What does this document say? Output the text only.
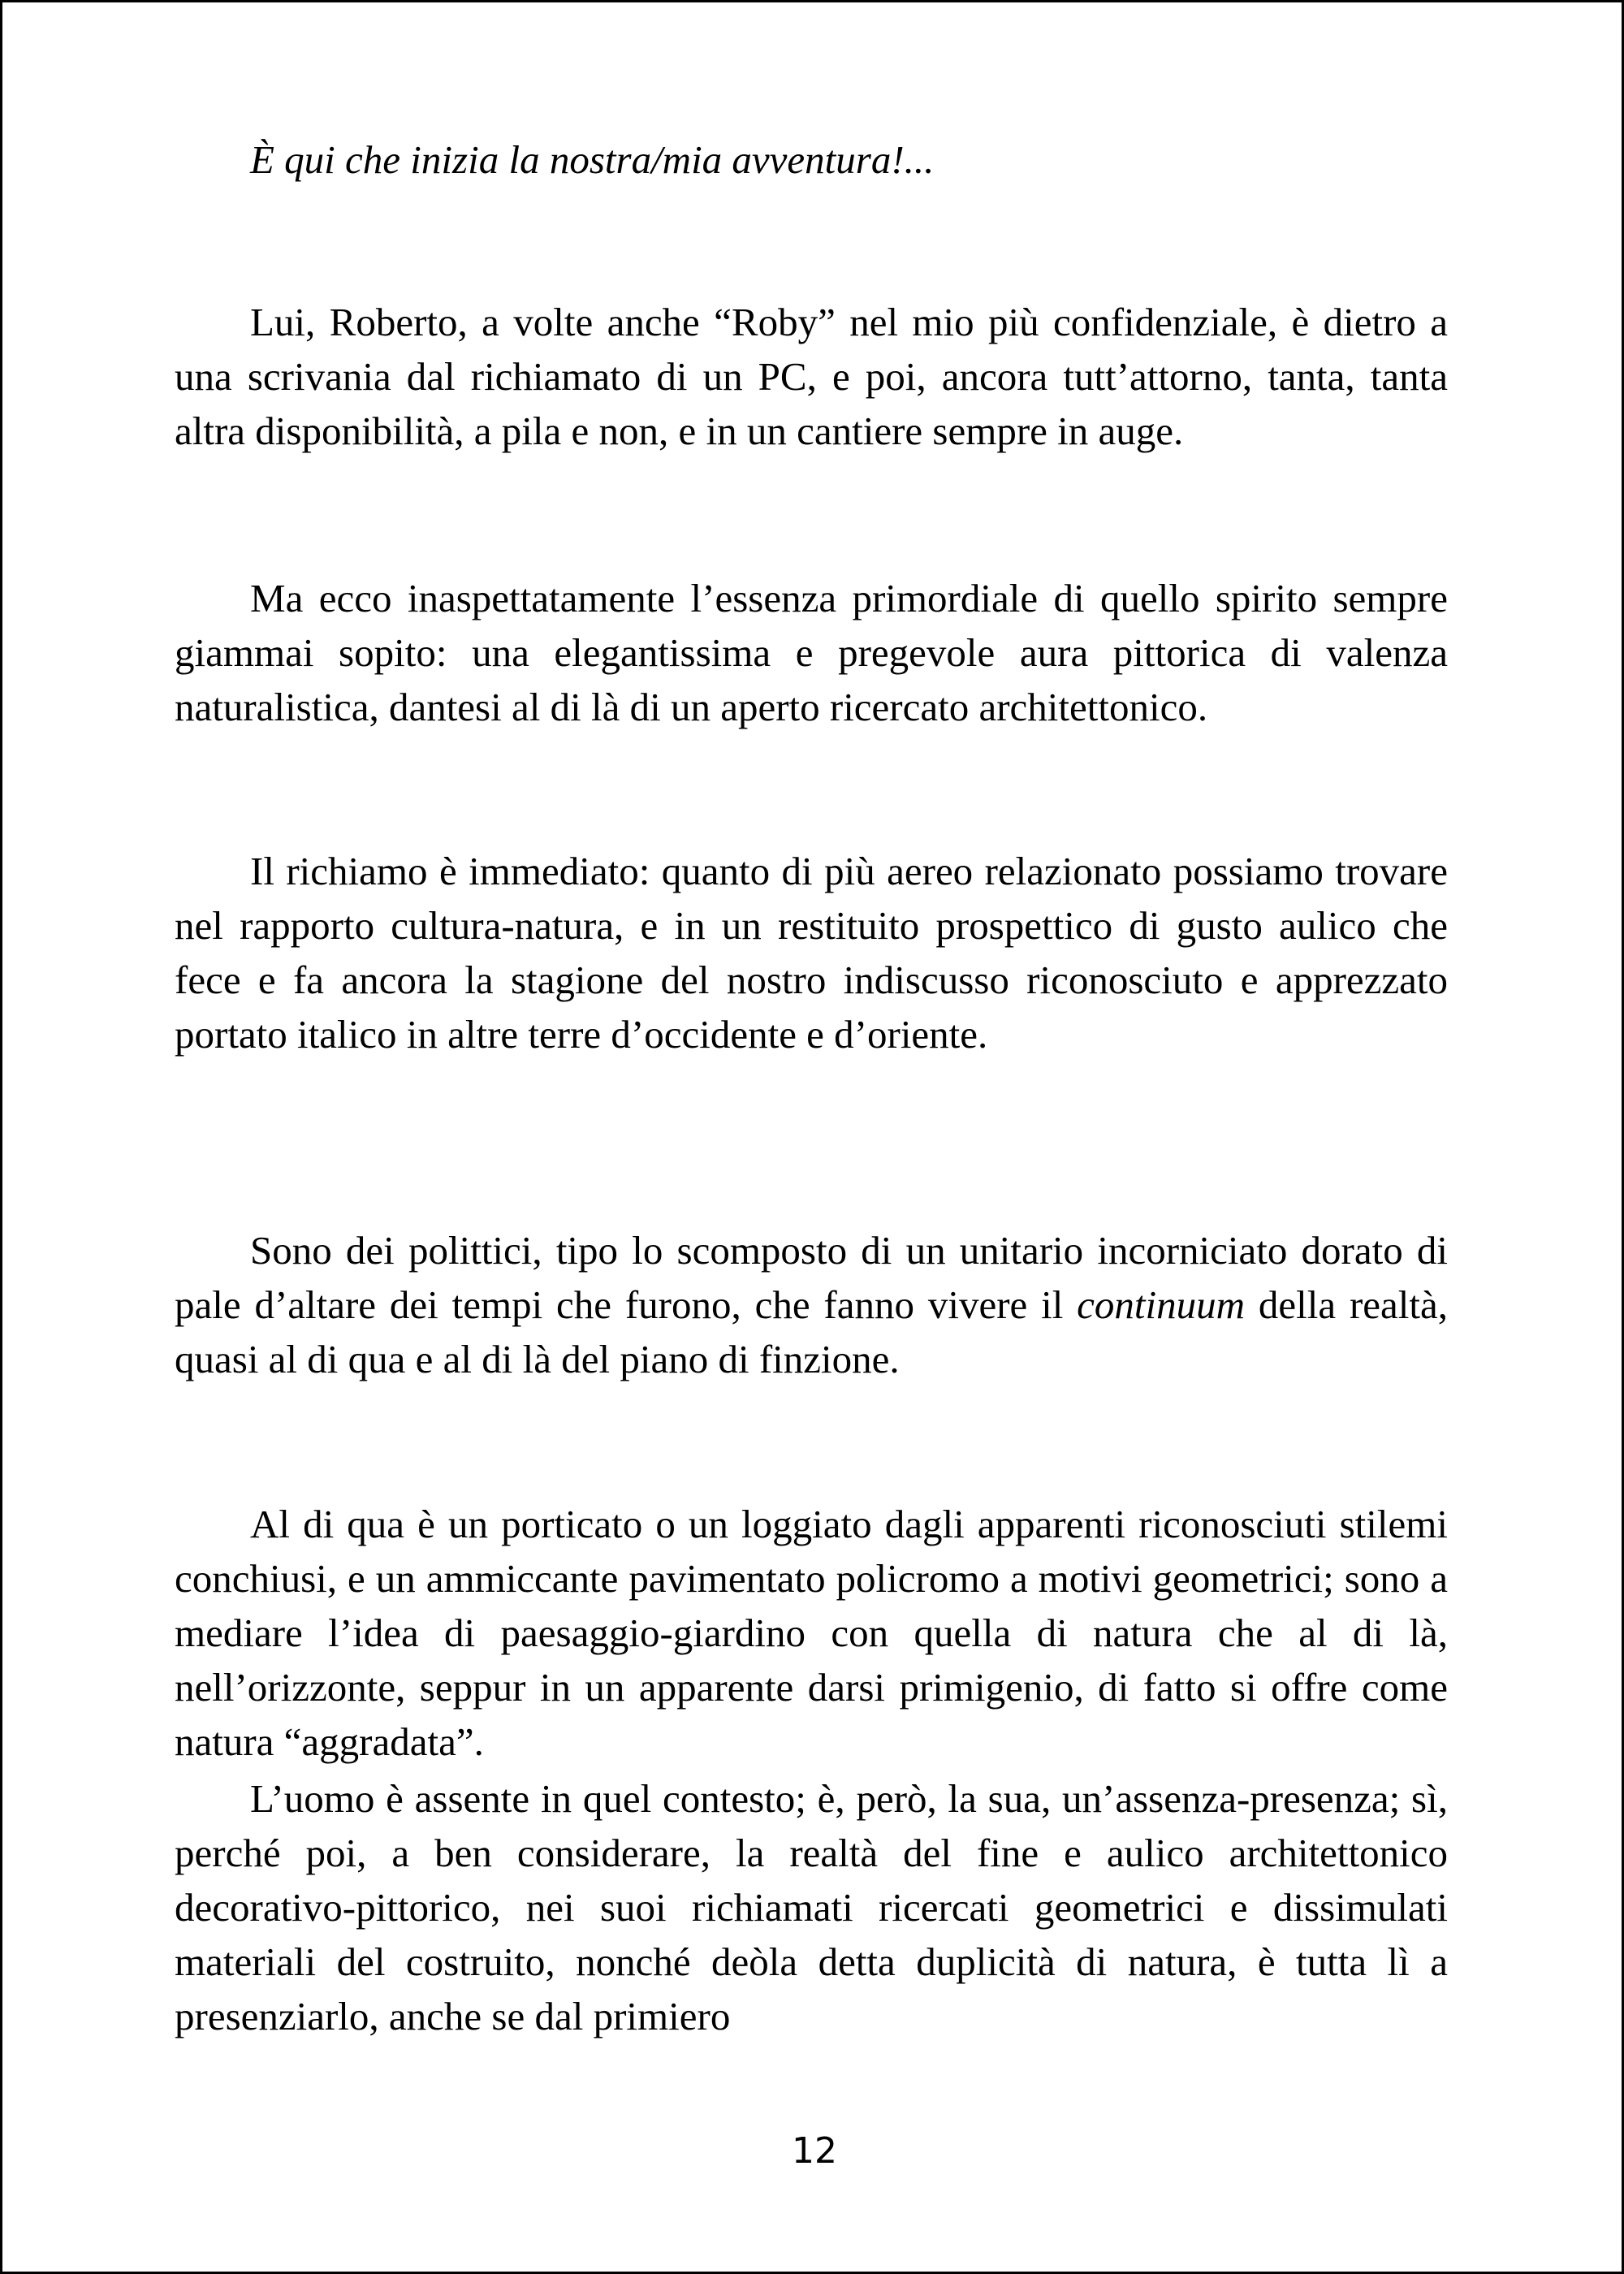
È qui che inizia la nostra/mia avventura!...

Lui, Roberto, a volte anche “Roby” nel mio più confidenziale, è dietro a una scrivania dal richiamato di un PC, e poi, ancora tutt’attorno, tanta, tanta altra disponibilità, a pila e non, e in un cantiere sempre in auge.

Ma ecco inaspettatamente l’essenza primordiale di quello spirito sempre giammai sopito: una elegantissima e pregevole aura pittorica di valenza naturalistica, dantesi al di là di un aperto ricercato architettonico.

Il richiamo è immediato: quanto di più aereo relazionato possiamo trovare nel rapporto cultura-natura, e in un restituito prospettico di gusto aulico che fece e fa ancora la stagione del nostro indiscusso riconosciuto e apprezzato portato italico in altre terre d’occidente e d’oriente.

Sono dei polittici, tipo lo scomposto di un unitario incorniciato dorato di pale d’altare dei tempi che furono, che fanno vivere il continuum della realtà, quasi al di qua e al di là del piano di finzione.

Al di qua è un porticato o un loggiato dagli apparenti riconosciuti stilemi conchiusi, e un ammiccante pavimentato policromo a motivi geometrici; sono a mediare l’idea di paesaggio-giardino con quella di natura che al di là, nell’orizzonte, seppur in un apparente darsi primigenio, di fatto si offre come natura “aggradata”.

L’uomo è assente in quel contesto; è, però, la sua, un’assenza-presenza; sì, perché poi, a ben considerare, la realtà del fine e aulico architettonico decorativo-pittorico, nei suoi richiamati ricercati geometrici e dissimulati materiali del costruito, nonché deòla detta duplicità di natura, è tutta lì a presenziarlo, anche se dal primiero

12
